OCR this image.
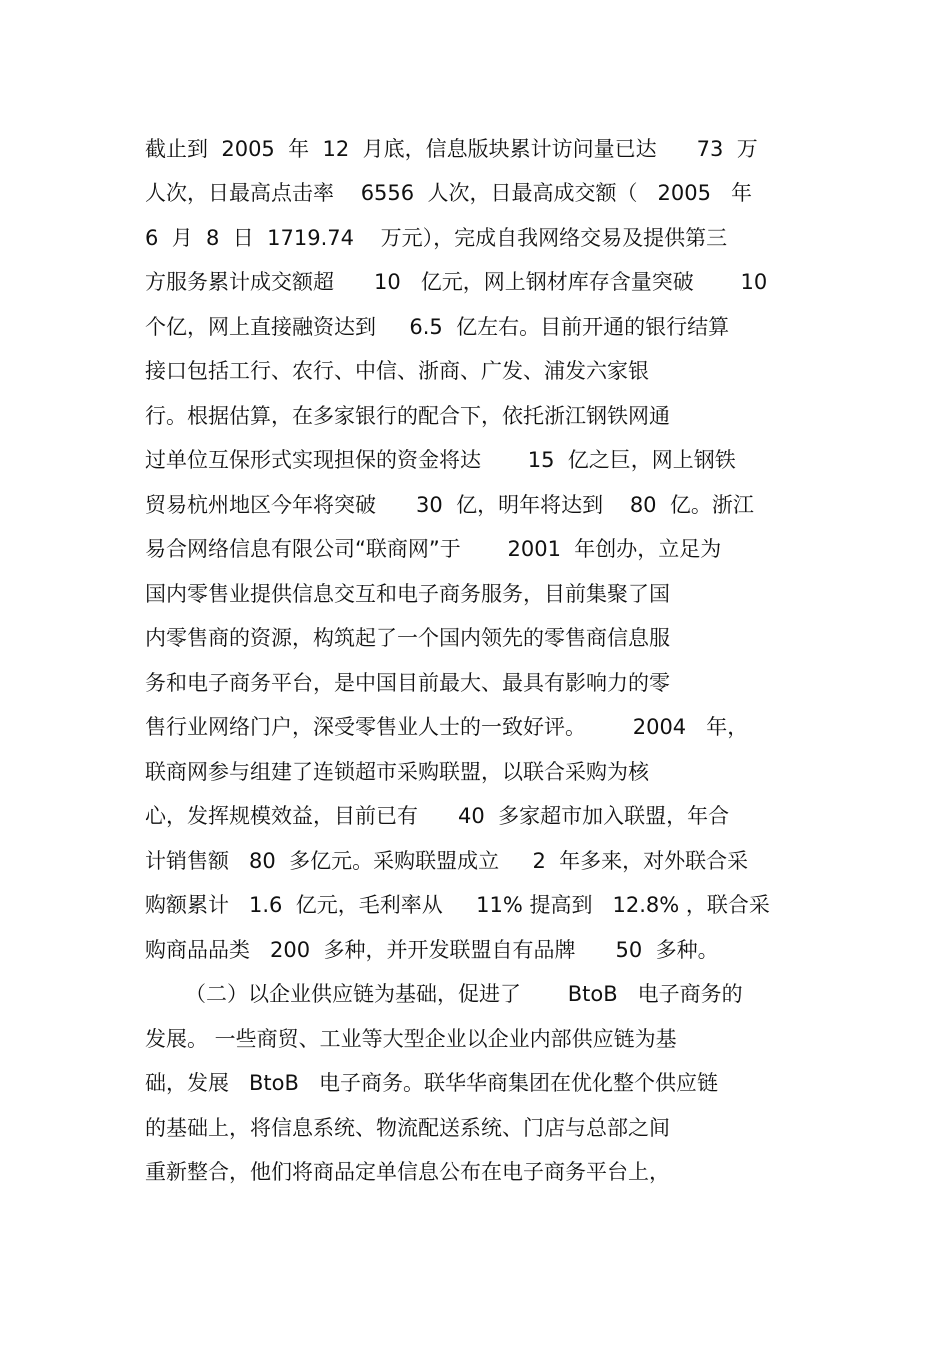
截止到  2005  年  12  月底，信息版块累计访问量已达      73  万
人次，日最高点击率    6556  人次，日最高成交额（   2005   年
6  月  8  日  1719.74    万元），完成自我网络交易及提供第三
方服务累计成交额超      10   亿元，网上钢材库存含量突破       10
个亿，网上直接融资达到     6.5  亿左右。目前开通的银行结算
接口包括工行、农行、中信、浙商、广发、浦发六家银
行。根据估算，在多家银行的配合下，依托浙江钢铁网通
过单位互保形式实现担保的资金将达       15  亿之巨，网上钢铁
贸易杭州地区今年将突破      30  亿，明年将达到    80  亿。浙江
易合网络信息有限公司“联商网”于       2001  年创办，立足为
国内零售业提供信息交互和电子商务服务，目前集聚了国
内零售商的资源，构筑起了一个国内领先的零售商信息服
务和电子商务平台，是中国目前最大、最具有影响力的零
售行业网络门户，深受零售业人士的一致好评。       2004   年，
联商网参与组建了连锁超市采购联盟，以联合采购为核
心，发挥规模效益，目前已有      40  多家超市加入联盟，年合
计销售额   80  多亿元。采购联盟成立     2  年多来，对外联合采
购额累计   1.6  亿元，毛利率从     11% 提高到   12.8% ，联合采
购商品品类   200  多种，并开发联盟自有品牌      50  多种。
（二）以企业供应链为基础，促进了       BtoB   电子商务的
发展。 一些商贸、工业等大型企业以企业内部供应链为基
础，发展   BtoB   电子商务。联华华商集团在优化整个供应链
的基础上，将信息系统、物流配送系统、门店与总部之间
重新整合，他们将商品定单信息公布在电子商务平台上，
